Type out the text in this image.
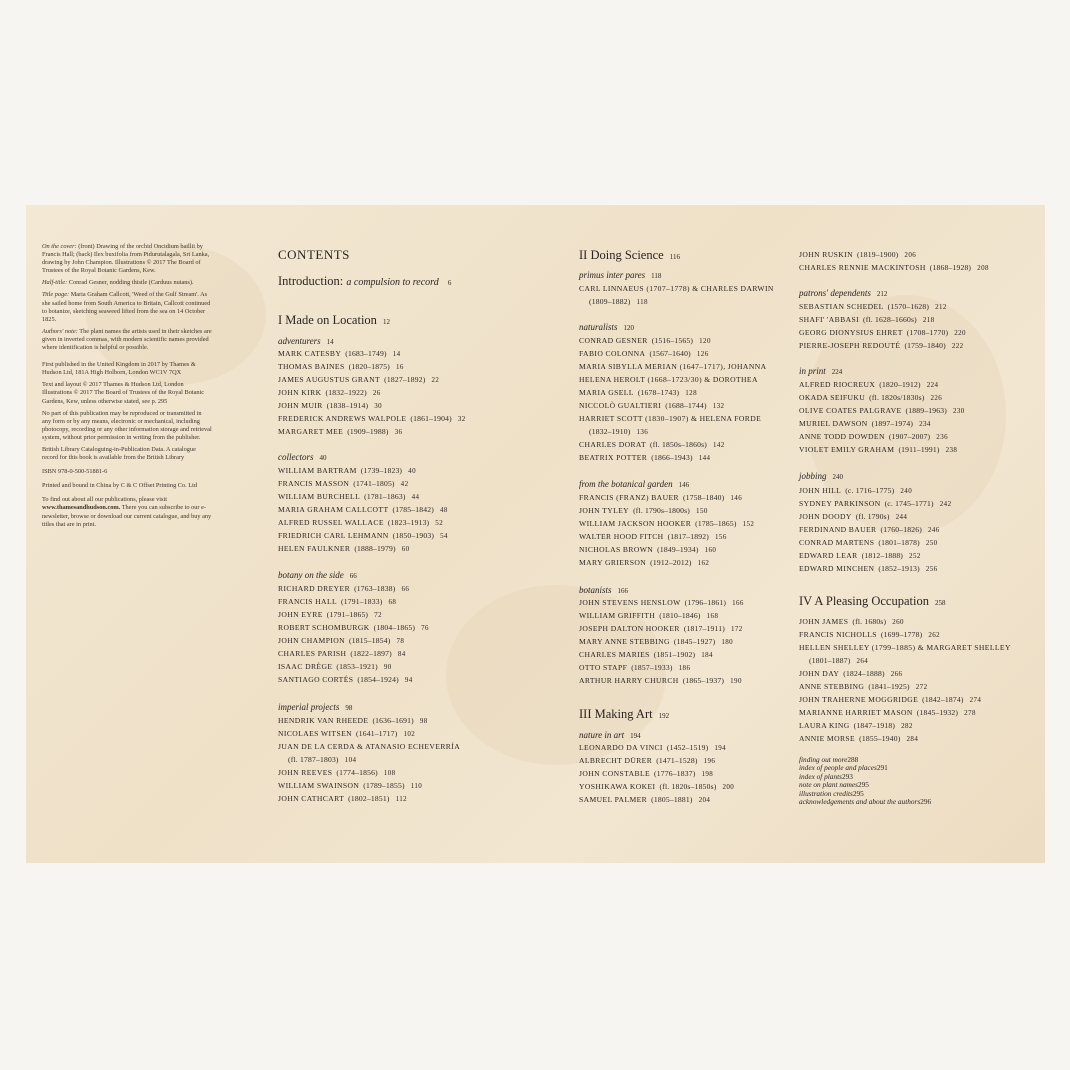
On the cover: (front) Drawing of the orchid Oncidium baillii by Francis Hall; (back) Ilex buxifolia from Pidurutalagala, Sri Lanka, drawing by John Champion. Illustrations © 2017 The Board of Trustees of the Royal Botanic Gardens, Kew.

Half-title: Conrad Gesner, nodding thistle (Carduus nutans).

Title page: Maria Graham Callcott, 'Weed of the Gulf Stream'. As she sailed home from South America to Britain, Callcott continued to botanize, sketching seaweed lifted from the sea on 14 October 1825.

Authors' note: The plant names the artists used in their sketches are given in inverted commas, with modern scientific names provided where identification is helpful or possible.

First published in the United Kingdom in 2017 by Thames & Hudson Ltd, 181A High Holborn, London WC1V 7QX

Text and layout © 2017 Thames & Hudson Ltd, London Illustrations © 2017 The Board of Trustees of the Royal Botanic Gardens, Kew, unless otherwise stated, see p. 295

No part of this publication may be reproduced or transmitted in any form or by any means, electronic or mechanical, including photocopy, recording or any other information storage and retrieval system, without prior permission in writing from the publisher.

British Library Cataloguing-in-Publication Data. A catalogue record for this book is available from the British Library

ISBN 978-0-500-51881-6

Printed and bound in China by C & C Offset Printing Co. Ltd

To find out about all our publications, please visit www.thamesandhudson.com. There you can subscribe to our e-newsletter, browse or download our current catalogue, and buy any titles that are in print.

CONTENTS
Introduction: a compulsion to record 6
I Made on Location 12
adventurers 14
MARK CATESBY (1683–1749) 14
THOMAS BAINES (1820–1875) 16
JAMES AUGUSTUS GRANT (1827–1892) 22
JOHN KIRK (1832–1922) 26
JOHN MUIR (1838–1914) 30
FREDERICK ANDREWS WALPOLE (1861–1904) 32
MARGARET MEE (1909–1988) 36
collectors 40
WILLIAM BARTRAM (1739–1823) 40
FRANCIS MASSON (1741–1805) 42
WILLIAM BURCHELL (1781–1863) 44
MARIA GRAHAM CALLCOTT (1785–1842) 48
ALFRED RUSSEL WALLACE (1823–1913) 52
FRIEDRICH CARL LEHMANN (1850–1903) 54
HELEN FAULKNER (1888–1979) 60
botany on the side 66
RICHARD DREYER (1763–1838) 66
FRANCIS HALL (1791–1833) 68
JOHN EYRE (1791–1865) 72
ROBERT SCHOMBURGK (1804–1865) 76
JOHN CHAMPION (1815–1854) 78
CHARLES PARISH (1822–1897) 84
ISAAC DRÈGE (1853–1921) 90
SANTIAGO CORTÉS (1854–1924) 94
imperial projects 98
HENDRIK VAN RHEEDE (1636–1691) 98
NICOLAES WITSEN (1641–1717) 102
JUAN DE LA CERDA & ATANASIO ECHEVERRÍA
(fl. 1787–1803) 104
JOHN REEVES (1774–1856) 108
WILLIAM SWAINSON (1789–1855) 110
JOHN CATHCART (1802–1851) 112
II Doing Science 116
primus inter pares 118
CARL LINNAEUS (1707–1778) & CHARLES DARWIN
(1809–1882) 118
naturalists 120
CONRAD GESNER (1516–1565) 120
FABIO COLONNA (1567–1640) 126
MARIA SIBYLLA MERIAN (1647–1717), JOHANNA
HELENA HEROLT (1668–1723/30) & DOROTHEA
MARIA GSELL (1678–1743) 128
NICCOLÒ GUALTIERI (1688–1744) 132
HARRIET SCOTT (1830–1907) & HELENA FORDE
(1832–1910) 136
CHARLES DORAT (fl. 1850s–1860s) 142
BEATRIX POTTER (1866–1943) 144
from the botanical garden 146
FRANCIS (FRANZ) BAUER (1758–1840) 146
JOHN TYLEY (fl. 1790s–1800s) 150
WILLIAM JACKSON HOOKER (1785–1865) 152
WALTER HOOD FITCH (1817–1892) 156
NICHOLAS BROWN (1849–1934) 160
MARY GRIERSON (1912–2012) 162
botanists 166
JOHN STEVENS HENSLOW (1796–1861) 166
WILLIAM GRIFFITH (1810–1846) 168
JOSEPH DALTON HOOKER (1817–1911) 172
MARY ANNE STEBBING (1845–1927) 180
CHARLES MARIES (1851–1902) 184
OTTO STAPF (1857–1933) 186
ARTHUR HARRY CHURCH (1865–1937) 190
III Making Art 192
nature in art 194
LEONARDO DA VINCI (1452–1519) 194
ALBRECHT DÜRER (1471–1528) 196
JOHN CONSTABLE (1776–1837) 198
YOSHIKAWA KOKEI (fl. 1820s–1850s) 200
SAMUEL PALMER (1805–1881) 204
JOHN RUSKIN (1819–1900) 206
CHARLES RENNIE MACKINTOSH (1868–1928) 208
patrons' dependents 212
SEBASTIAN SCHEDEL (1570–1628) 212
SHAFI' 'ABBASI (fl. 1628–1660s) 218
GEORG DIONYSIUS EHRET (1708–1770) 220
PIERRE-JOSEPH REDOUTÉ (1759–1840) 222
in print 224
ALFRED RIOCREUX (1820–1912) 224
OKADA SEIFUKU (fl. 1820s/1830s) 226
OLIVE COATES PALGRAVE (1889–1963) 230
MURIEL DAWSON (1897–1974) 234
ANNE TODD DOWDEN (1907–2007) 236
VIOLET EMILY GRAHAM (1911–1991) 238
jobbing 240
JOHN HILL (c. 1716–1775) 240
SYDNEY PARKINSON (c. 1745–1771) 242
JOHN DOODY (fl. 1790s) 244
FERDINAND BAUER (1760–1826) 246
CONRAD MARTENS (1801–1878) 250
EDWARD LEAR (1812–1888) 252
EDWARD MINCHEN (1852–1913) 256
IV A Pleasing Occupation 258
JOHN JAMES (fl. 1680s) 260
FRANCIS NICHOLLS (1699–1778) 262
HELLEN SHELLEY (1799–1885) & MARGARET SHELLEY
(1801–1887) 264
JOHN DAY (1824–1888) 266
ANNE STEBBING (1841–1925) 272
JOHN TRAHERNE MOGGRIDGE (1842–1874) 274
MARIANNE HARRIET MASON (1845–1932) 278
LAURA KING (1847–1918) 282
ANNIE MORSE (1855–1940) 284
finding out more288
index of people and places291
index of plants293
note on plant names295
illustration credits295
acknowledgements and about the authors296
